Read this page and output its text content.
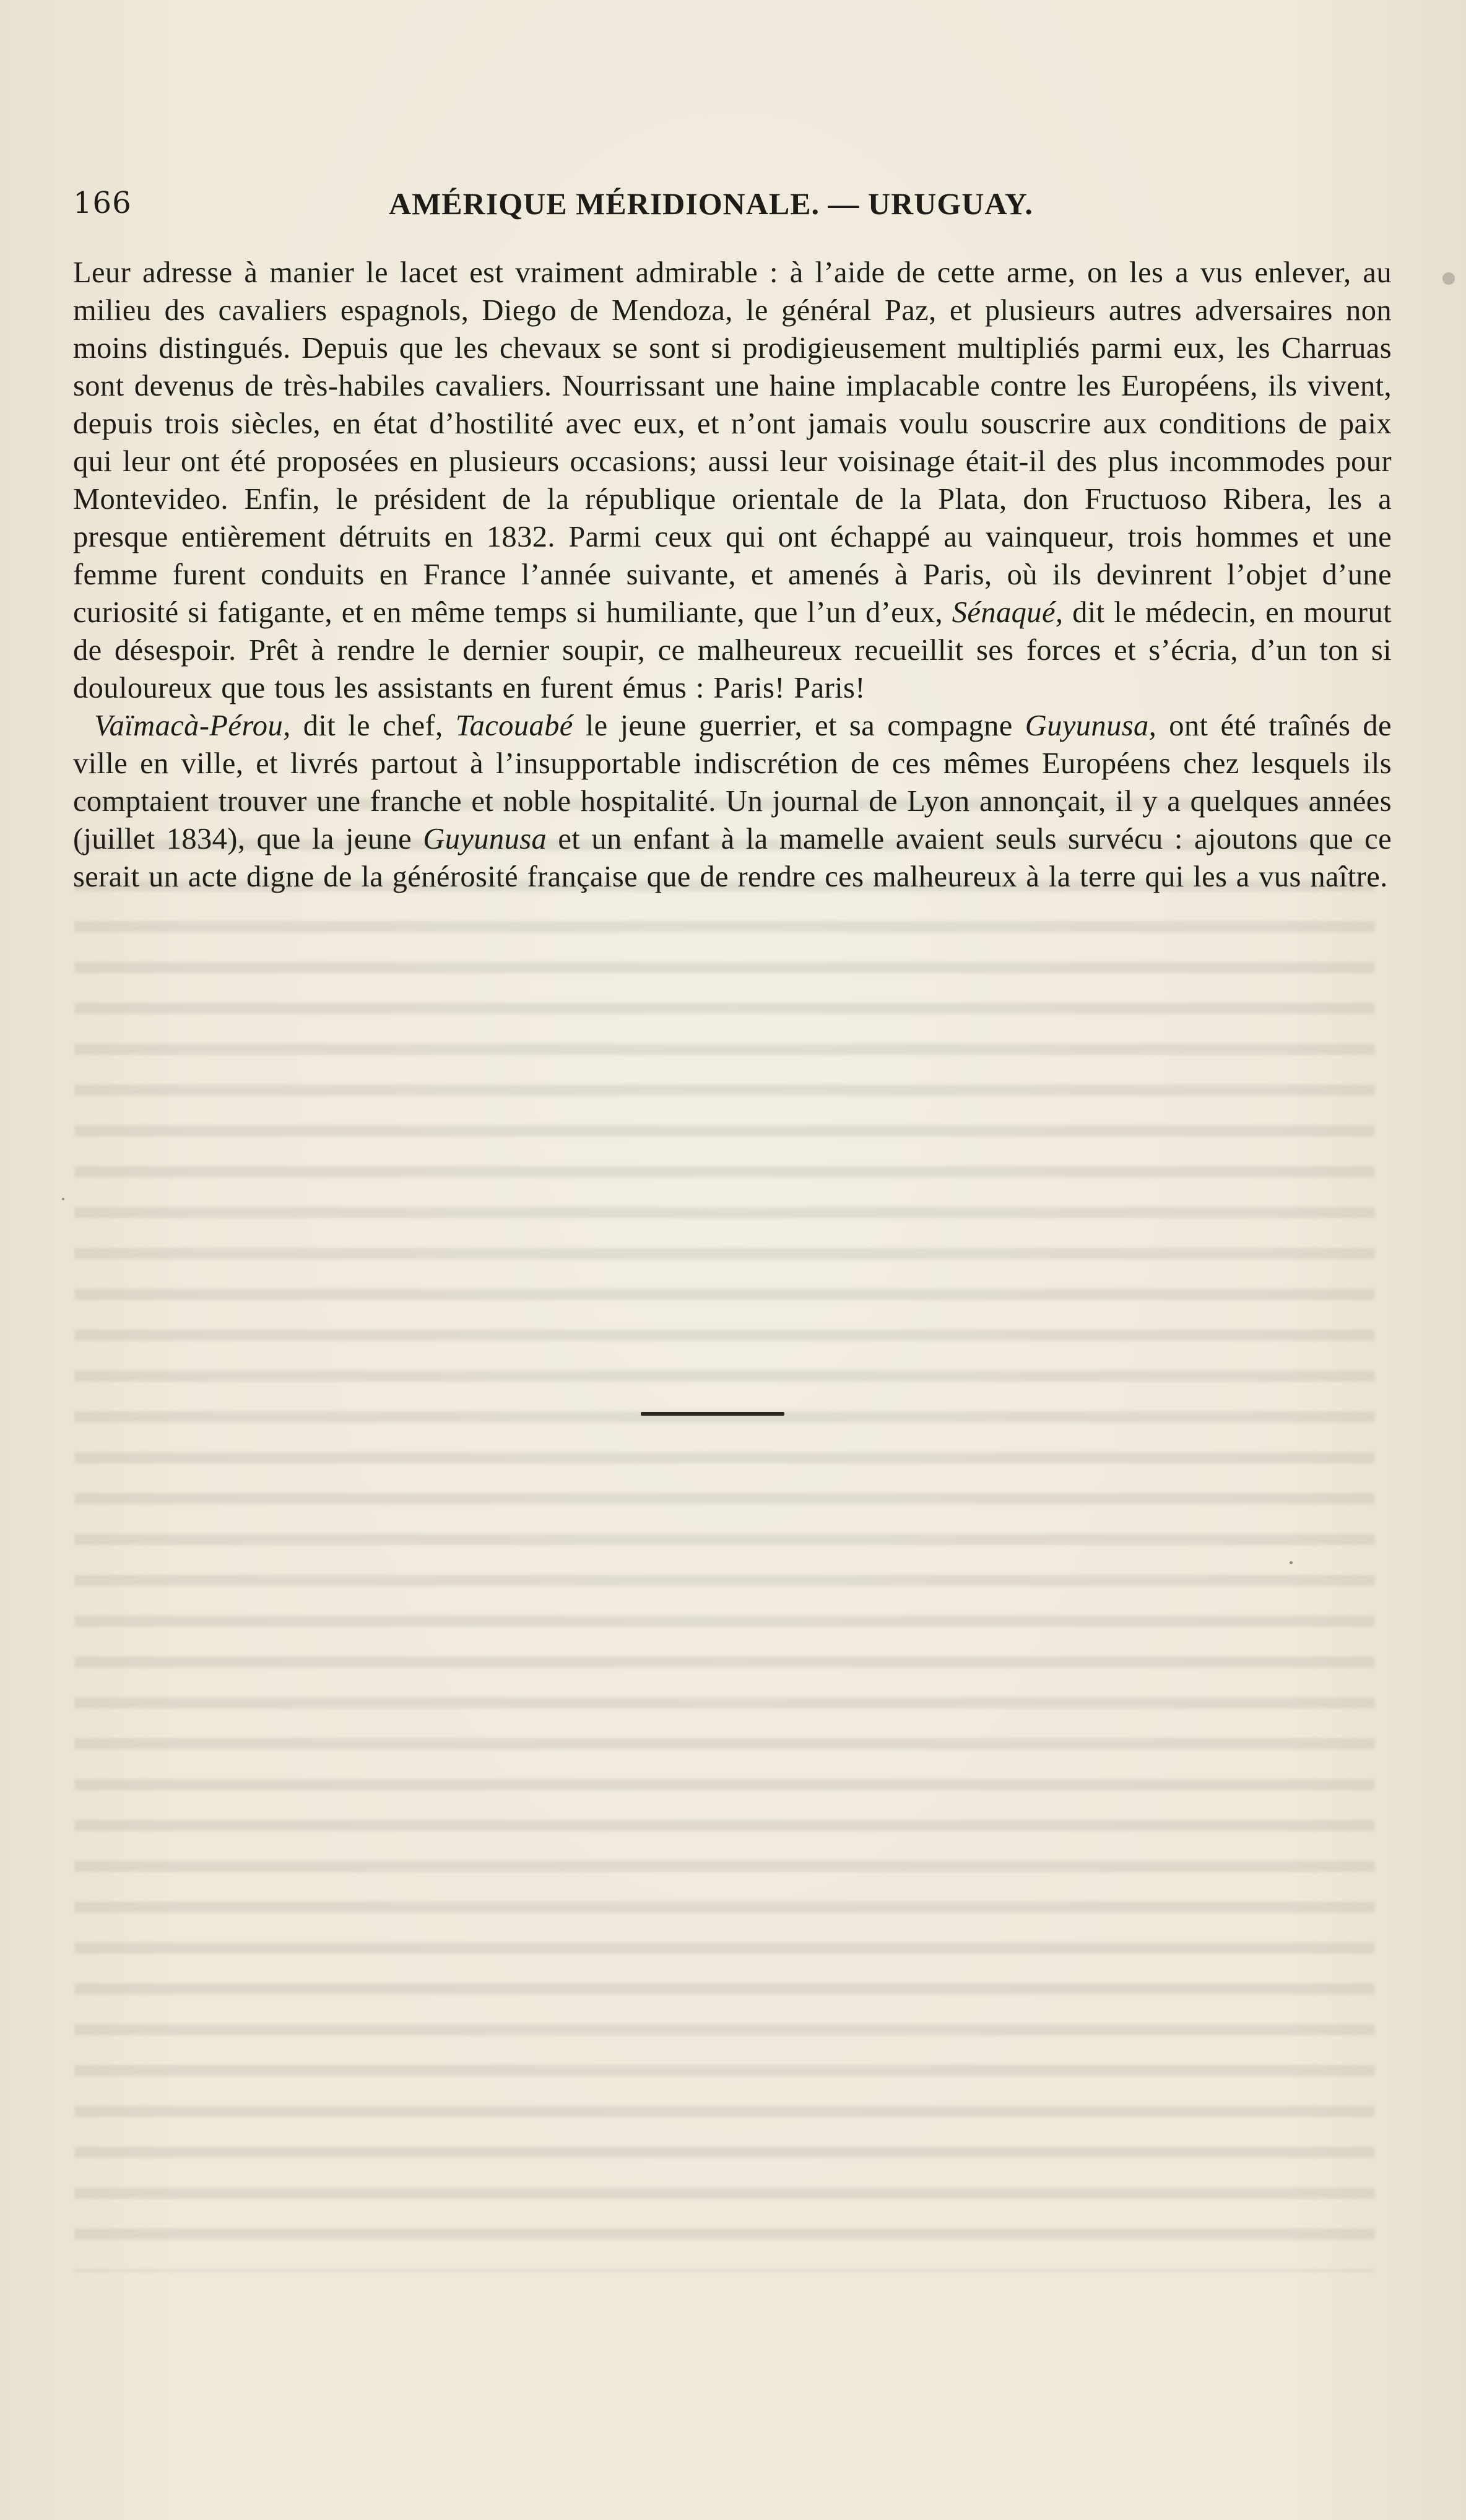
166	AMÉRIQUE MÉRIDIONALE. — URUGUAY.

Leur adresse à manier le lacet est vraiment admirable : à l’aide de cette arme, on les a vus enlever, au milieu des cavaliers espagnols, Diego de Mendoza, le général Paz, et plusieurs autres adversaires non moins distingués. Depuis que les chevaux se sont si prodigieusement multipliés parmi eux, les Charruas sont devenus de très-habiles cavaliers. Nourrissant une haine implacable contre les Européens, ils vivent, depuis trois siècles, en état d’hostilité avec eux, et n’ont jamais voulu souscrire aux conditions de paix qui leur ont été proposées en plusieurs occasions; aussi leur voisinage était-il des plus incommodes pour Montevideo. Enfin, le président de la république orientale de la Plata, don Fructuoso Ribera, les a presque entièrement détruits en 1832. Parmi ceux qui ont échappé au vainqueur, trois hommes et une femme furent conduits en France l’année suivante, et amenés à Paris, où ils devinrent l’objet d’une curiosité si fatigante, et en même temps si humiliante, que l’un d’eux, Sénaqué, dit le médecin, en mourut de désespoir. Prêt à rendre le dernier soupir, ce malheureux recueillit ses forces et s’écria, d’un ton si douloureux que tous les assistants en furent émus : Paris! Paris!

Vaïmacà-Pérou, dit le chef, Tacouabé le jeune guerrier, et sa compagne Guyunusa, ont été traînés de ville en ville, et livrés partout à l’insupportable indiscrétion de ces mêmes Européens chez lesquels ils comptaient trouver une franche et noble hospitalité. Un journal de Lyon annonçait, il y a quelques années (juillet 1834), que la jeune Guyunusa et un enfant à la mamelle avaient seuls survécu : ajoutons que ce serait un acte digne de la générosité française que de rendre ces malheureux à la terre qui les a vus naître.
